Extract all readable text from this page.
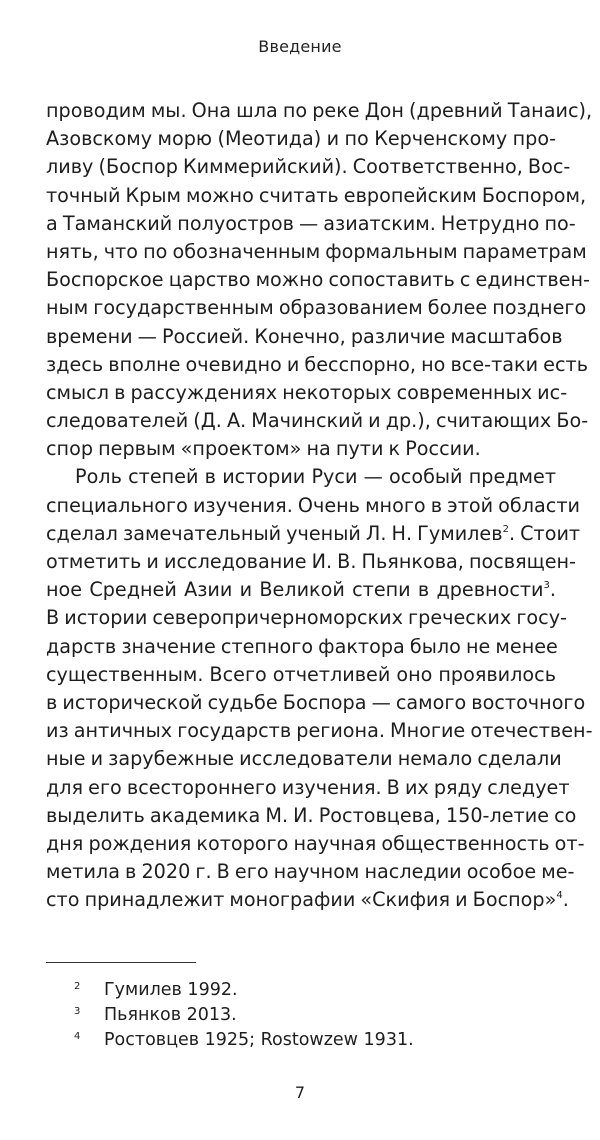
Введение
проводим мы. Она шла по реке Дон (древний Танаис),
Азовскому морю (Меотида) и по Керченскому про-
ливу (Боспор Киммерийский). Соответственно, Вос-
точный Крым можно считать европейским Боспором,
а Таманский полуостров — азиатским. Нетрудно по-
нять, что по обозначенным формальным параметрам
Боспорское царство можно сопоставить с единствен-
ным государственным образованием более позднего
времени — Россией. Конечно, различие масштабов
здесь вполне очевидно и бесспорно, но все-таки есть
смысл в рассуждениях некоторых современных ис-
следователей (Д. А. Мачинский и др.), считающих Бо-
спор первым «проектом» на пути к России.
Роль степей в истории Руси — особый предмет
специального изучения. Очень много в этой области
сделал замечательный ученый Л. Н. Гумилев$^2$. Стоит
отметить и исследование И. В. Пьянкова, посвящен-
ное Средней Азии и Великой степи в древности$^3$.
В истории северопричерноморских греческих госу-
дарств значение степного фактора было не менее
существенным. Всего отчетливей оно проявилось
в исторической судьбе Боспора — самого восточного
из античных государств региона. Многие отечествен-
ные и зарубежные исследователи немало сделали
для его всестороннего изучения. В их ряду следует
выделить академика М. И. Ростовцева, 150-летие со
дня рождения которого научная общественность от-
метила в 2020 г. В его научном наследии особое ме-
сто принадлежит монографии «Скифия и Боспор»$^4$.
2 Гумилев 1992.
3 Пьянков 2013.
4 Ростовцев 1925; Rostowzew 1931.
7
